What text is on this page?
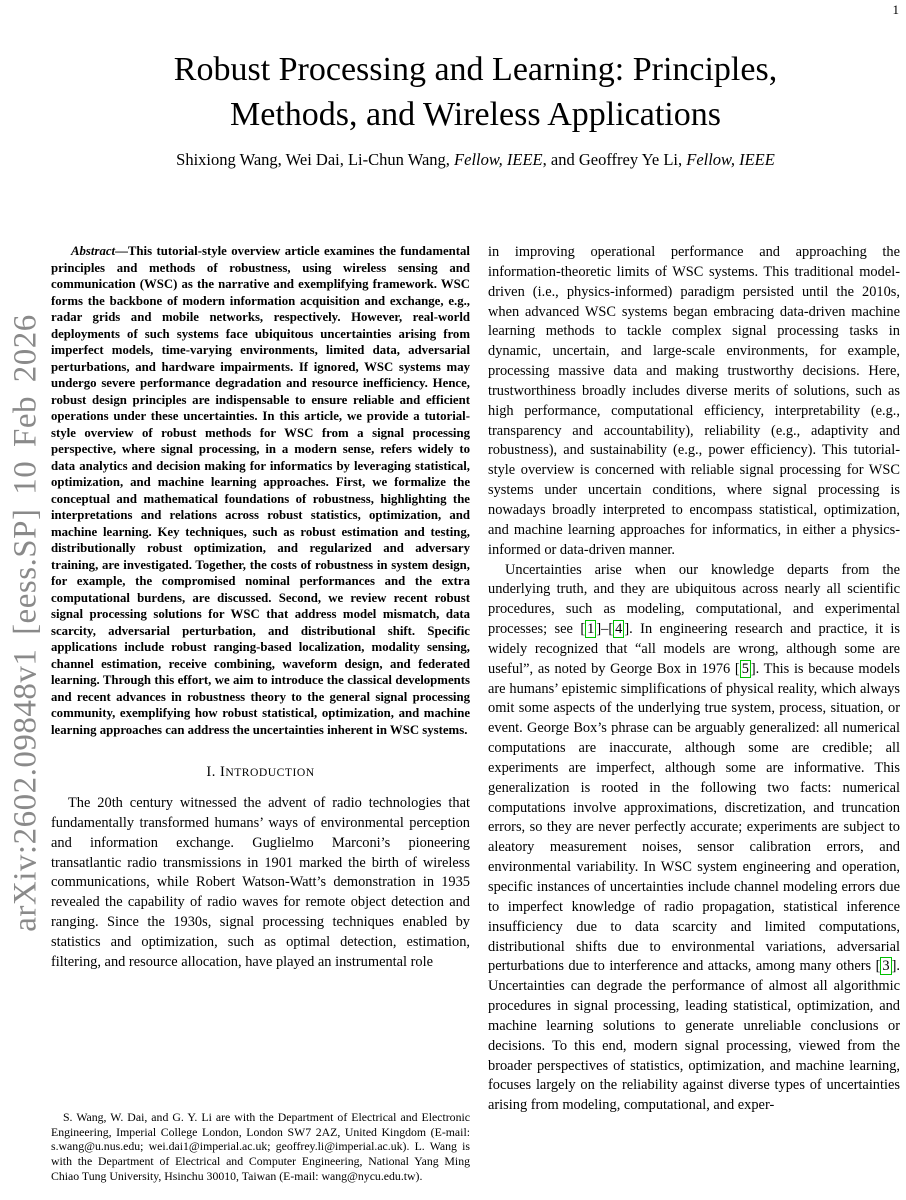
1
arXiv:2602.09848v1 [eess.SP] 10 Feb 2026
Robust Processing and Learning: Principles,
Methods, and Wireless Applications
Shixiong Wang, Wei Dai, Li-Chun Wang, Fellow, IEEE, and Geoffrey Ye Li, Fellow, IEEE

Abstract—This tutorial-style overview article examines the fundamental principles and methods of robustness, using wireless sensing and communication (WSC) as the narrative and exemplifying framework. WSC forms the backbone of modern information acquisition and exchange, e.g., radar grids and mobile networks, respectively. However, real-world deployments of such systems face ubiquitous uncertainties arising from imperfect models, time-varying environments, limited data, adversarial perturbations, and hardware impairments. If ignored, WSC systems may undergo severe performance degradation and resource inefficiency. Hence, robust design principles are indispensable to ensure reliable and efficient operations under these uncertainties. In this article, we provide a tutorial-style overview of robust methods for WSC from a signal processing perspective, where signal processing, in a modern sense, refers widely to data analytics and decision making for informatics by leveraging statistical, optimization, and machine learning approaches. First, we formalize the conceptual and mathematical foundations of robustness, highlighting the interpretations and relations across robust statistics, optimization, and machine learning. Key techniques, such as robust estimation and testing, distributionally robust optimization, and regularized and adversary training, are investigated. Together, the costs of robustness in system design, for example, the compromised nominal performances and the extra computational burdens, are discussed. Second, we review recent robust signal processing solutions for WSC that address model mismatch, data scarcity, adversarial perturbation, and distributional shift. Specific applications include robust ranging-based localization, modality sensing, channel estimation, receive combining, waveform design, and federated learning. Through this effort, we aim to introduce the classical developments and recent advances in robustness theory to the general signal processing community, exemplifying how robust statistical, optimization, and machine learning approaches can address the uncertainties inherent in WSC systems.

I. INTRODUCTION

The 20th century witnessed the advent of radio technologies that fundamentally transformed humans’ ways of environmental perception and information exchange. Guglielmo Marconi’s pioneering transatlantic radio transmissions in 1901 marked the birth of wireless communications, while Robert Watson-Watt’s demonstration in 1935 revealed the capability of radio waves for remote object detection and ranging. Since the 1930s, signal processing techniques enabled by statistics and optimization, such as optimal detection, estimation, filtering, and resource allocation, have played an instrumental role

S. Wang, W. Dai, and G. Y. Li are with the Department of Electrical and Electronic Engineering, Imperial College London, London SW7 2AZ, United Kingdom (E-mail: s.wang@u.nus.edu; wei.dai1@imperial.ac.uk; geoffrey.li@imperial.ac.uk). L. Wang is with the Department of Electrical and Computer Engineering, National Yang Ming Chiao Tung University, Hsinchu 30010, Taiwan (E-mail: wang@nycu.edu.tw).

in improving operational performance and approaching the information-theoretic limits of WSC systems. This traditional model-driven (i.e., physics-informed) paradigm persisted until the 2010s, when advanced WSC systems began embracing data-driven machine learning methods to tackle complex signal processing tasks in dynamic, uncertain, and large-scale environments, for example, processing massive data and making trustworthy decisions. Here, trustworthiness broadly includes diverse merits of solutions, such as high performance, computational efficiency, interpretability (e.g., transparency and accountability), reliability (e.g., adaptivity and robustness), and sustainability (e.g., power efficiency). This tutorial-style overview is concerned with reliable signal processing for WSC systems under uncertain conditions, where signal processing is nowadays broadly interpreted to encompass statistical, optimization, and machine learning approaches for informatics, in either a physics-informed or data-driven manner.

Uncertainties arise when our knowledge departs from the underlying truth, and they are ubiquitous across nearly all scientific procedures, such as modeling, computational, and experimental processes; see [ 1 ]–[ 4 ]. In engineering research and practice, it is widely recognized that “all models are wrong, although some are useful”, as noted by George Box in 1976 [ 5 ]. This is because models are humans’ epistemic simplifications of physical reality, which always omit some aspects of the underlying true system, process, situation, or event. George Box’s phrase can be arguably generalized: all numerical computations are inaccurate, although some are credible; all experiments are imperfect, although some are informative. This generalization is rooted in the following two facts: numerical computations involve approximations, discretization, and truncation errors, so they are never perfectly accurate; experiments are subject to aleatory measurement noises, sensor calibration errors, and environmental variability. In WSC system engineering and operation, specific instances of uncertainties include channel modeling errors due to imperfect knowledge of radio propagation, statistical inference insufficiency due to data scarcity and limited computations, distributional shifts due to environmental variations, adversarial perturbations due to interference and attacks, among many others [ 3 ]. Uncertainties can degrade the performance of almost all algorithmic procedures in signal processing, leading statistical, optimization, and machine learning solutions to generate unreliable conclusions or decisions. To this end, modern signal processing, viewed from the broader perspectives of statistics, optimization, and machine learning, focuses largely on the reliability against diverse types of uncertainties arising from modeling, computational, and exper-
